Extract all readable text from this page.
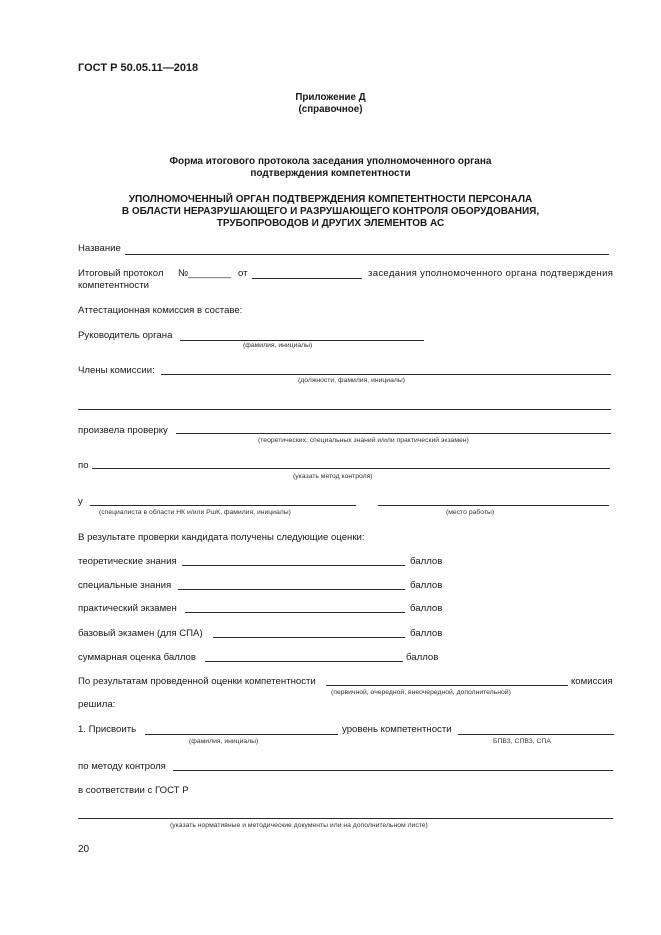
ГОСТ Р 50.05.11—2018
Приложение Д
(справочное)
Форма итогового протокола заседания уполномоченного органа
подтверждения компетентности
УПОЛНОМОЧЕННЫЙ ОРГАН ПОДТВЕРЖДЕНИЯ КОМПЕТЕНТНОСТИ ПЕРСОНАЛА
В ОБЛАСТИ НЕРАЗРУШАЮЩЕГО И РАЗРУШАЮЩЕГО КОНТРОЛЯ ОБОРУДОВАНИЯ,
ТРУБОПРОВОДОВ И ДРУГИХ ЭЛЕМЕНТОВ АС
Название
Итоговый протокол №________ от	заседания уполномоченного органа подтверждения
компетентности
Аттестационная комиссия в составе:
Руководитель органа
(фамилия, инициалы)
Члены комиссии:
(должности, фамилия, инициалы)
произвела проверку
(теоретических, специальных знаний и/или практический экзамен)
по
(указать метод контроля)
у
(специалиста в области НК и/или РшК, фамилия, инициалы)	(место работы)
В результате проверки кандидата получены следующие оценки:
теоретические знания	баллов
специальные знания	баллов
практический экзамен	баллов
базовый экзамен (для СПА)	баллов
суммарная оценка баллов	баллов
По результатам проведенной оценки компетентности	комиссия
(первичной, очередной, внеочередной, дополнительной)
решила:
1. Присвоить	уровень компетентности
(фамилия, инициалы)	БПВЗ, СПВЗ, СПА
по методу контроля
в соответствии с ГОСТ Р
(указать нормативные и методические документы или на дополнительном листе)
20
